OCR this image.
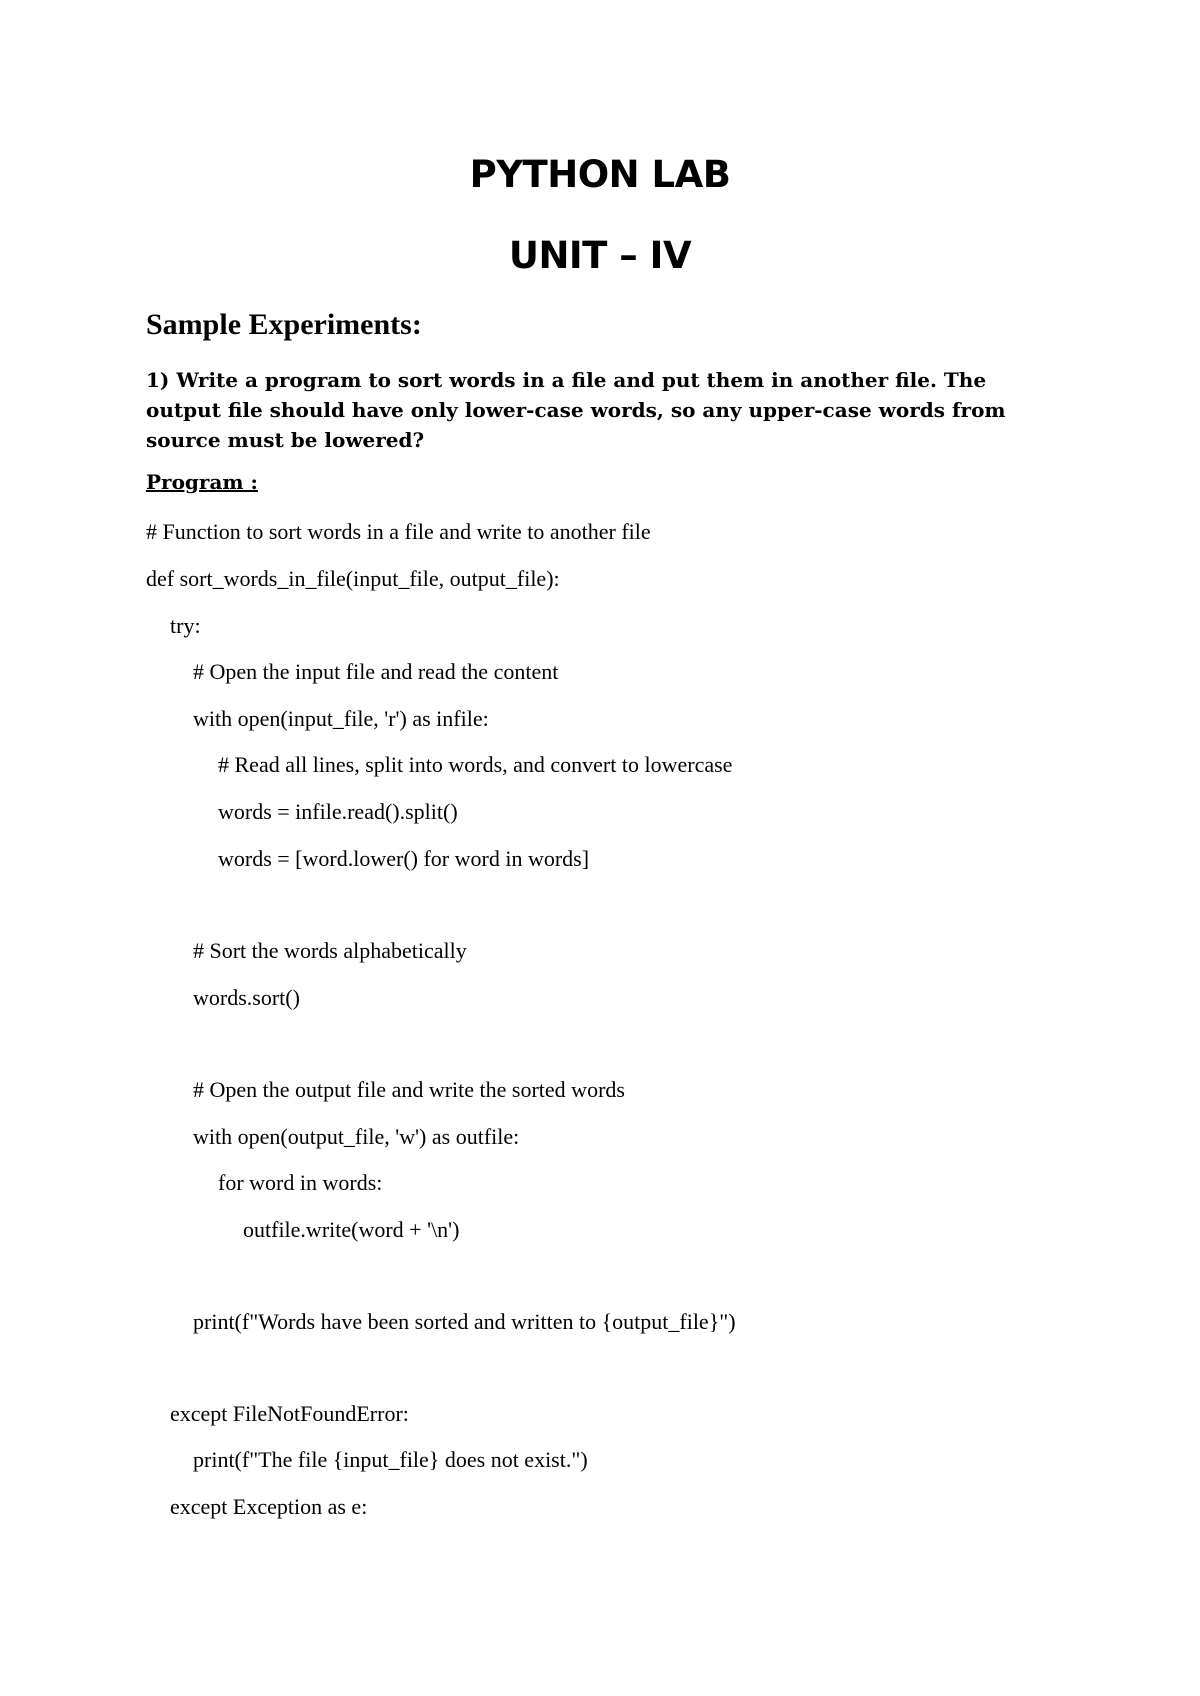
PYTHON LAB
UNIT – IV
Sample Experiments:

1) Write a program to sort words in a file and put them in another file. The output file should have only lower-case words, so any upper-case words from source must be lowered?

Program :
# Function to sort words in a file and write to another file
def sort_words_in_file(input_file, output_file):
try:
# Open the input file and read the content
with open(input_file, 'r') as infile:
# Read all lines, split into words, and convert to lowercase
words = infile.read().split()
words = [word.lower() for word in words]
# Sort the words alphabetically
words.sort()
# Open the output file and write the sorted words
with open(output_file, 'w') as outfile:
for word in words:
outfile.write(word + '\n')
print(f"Words have been sorted and written to {output_file}")
except FileNotFoundError:
print(f"The file {input_file} does not exist.")
except Exception as e:
